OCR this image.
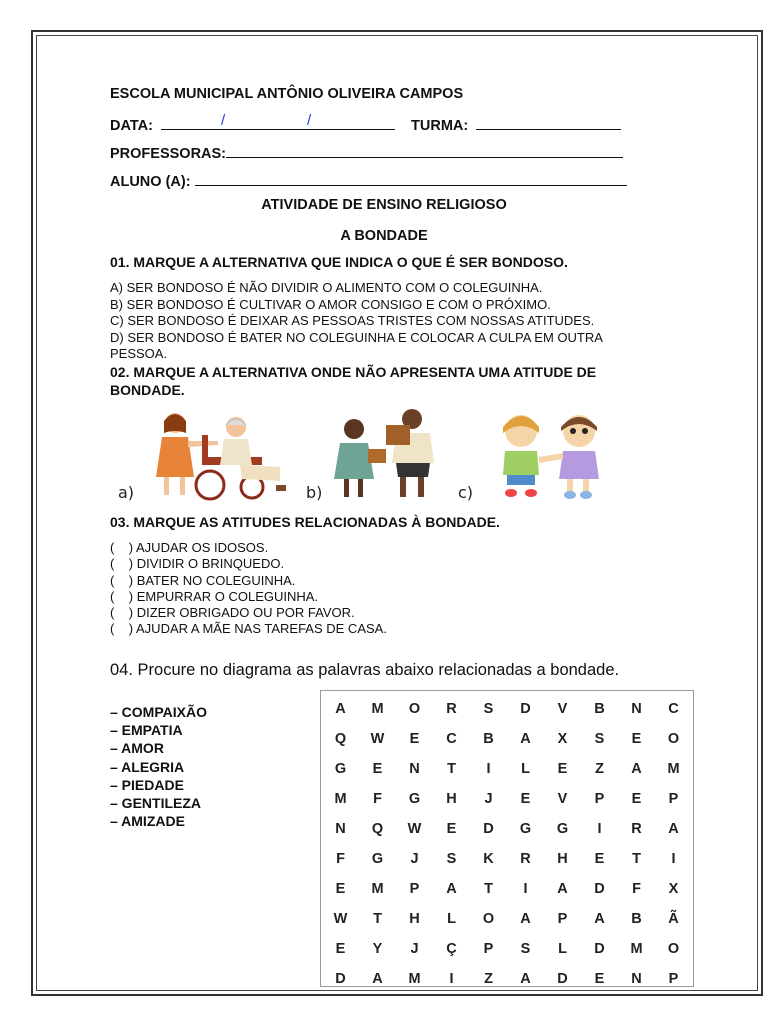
ESCOLA MUNICIPAL ANTÔNIO OLIVEIRA CAMPOS
DATA:	/	/	TURMA:
PROFESSORAS:
ALUNO (A):
ATIVIDADE DE ENSINO RELIGIOSO
A BONDADE
01. MARQUE A ALTERNATIVA QUE INDICA O QUE É SER BONDOSO.
A) SER BONDOSO É NÃO DIVIDIR O ALIMENTO COM O COLEGUINHA.
B) SER BONDOSO É CULTIVAR O AMOR CONSIGO E COM O PRÓXIMO.
C) SER BONDOSO É DEIXAR AS PESSOAS TRISTES COM NOSSAS ATITUDES.
D) SER BONDOSO É BATER NO COLEGUINHA E COLOCAR A CULPA EM OUTRA
PESSOA.
02. MARQUE A ALTERNATIVA ONDE NÃO APRESENTA UMA ATITUDE DE
BONDADE.
a)	b)	c)
03. MARQUE AS ATITUDES RELACIONADAS À BONDADE.
(    ) AJUDAR OS IDOSOS.
(    ) DIVIDIR O BRINQUEDO.
(    ) BATER NO COLEGUINHA.
(    ) EMPURRAR O COLEGUINHA.
(    ) DIZER OBRIGADO OU POR FAVOR.
(    ) AJUDAR A MÃE NAS TAREFAS DE CASA.
04. Procure no diagrama as palavras abaixo relacionadas a bondade.
– COMPAIXÃO
– EMPATIA
– AMOR
– ALEGRIA
– PIEDADE
– GENTILEZA
– AMIZADE
A	M	O	R	S	D	V	B	N	C
Q	W	E	C	B	A	X	S	E	O
G	E	N	T	I	L	E	Z	A	M
M	F	G	H	J	E	V	P	E	P
N	Q	W	E	D	G	G	I	R	A
F	G	J	S	K	R	H	E	T	I
E	M	P	A	T	I	A	D	F	X
W	T	H	L	O	A	P	A	B	Ã
E	Y	J	Ç	P	S	L	D	M	O
D	A	M	I	Z	A	D	E	N	P
